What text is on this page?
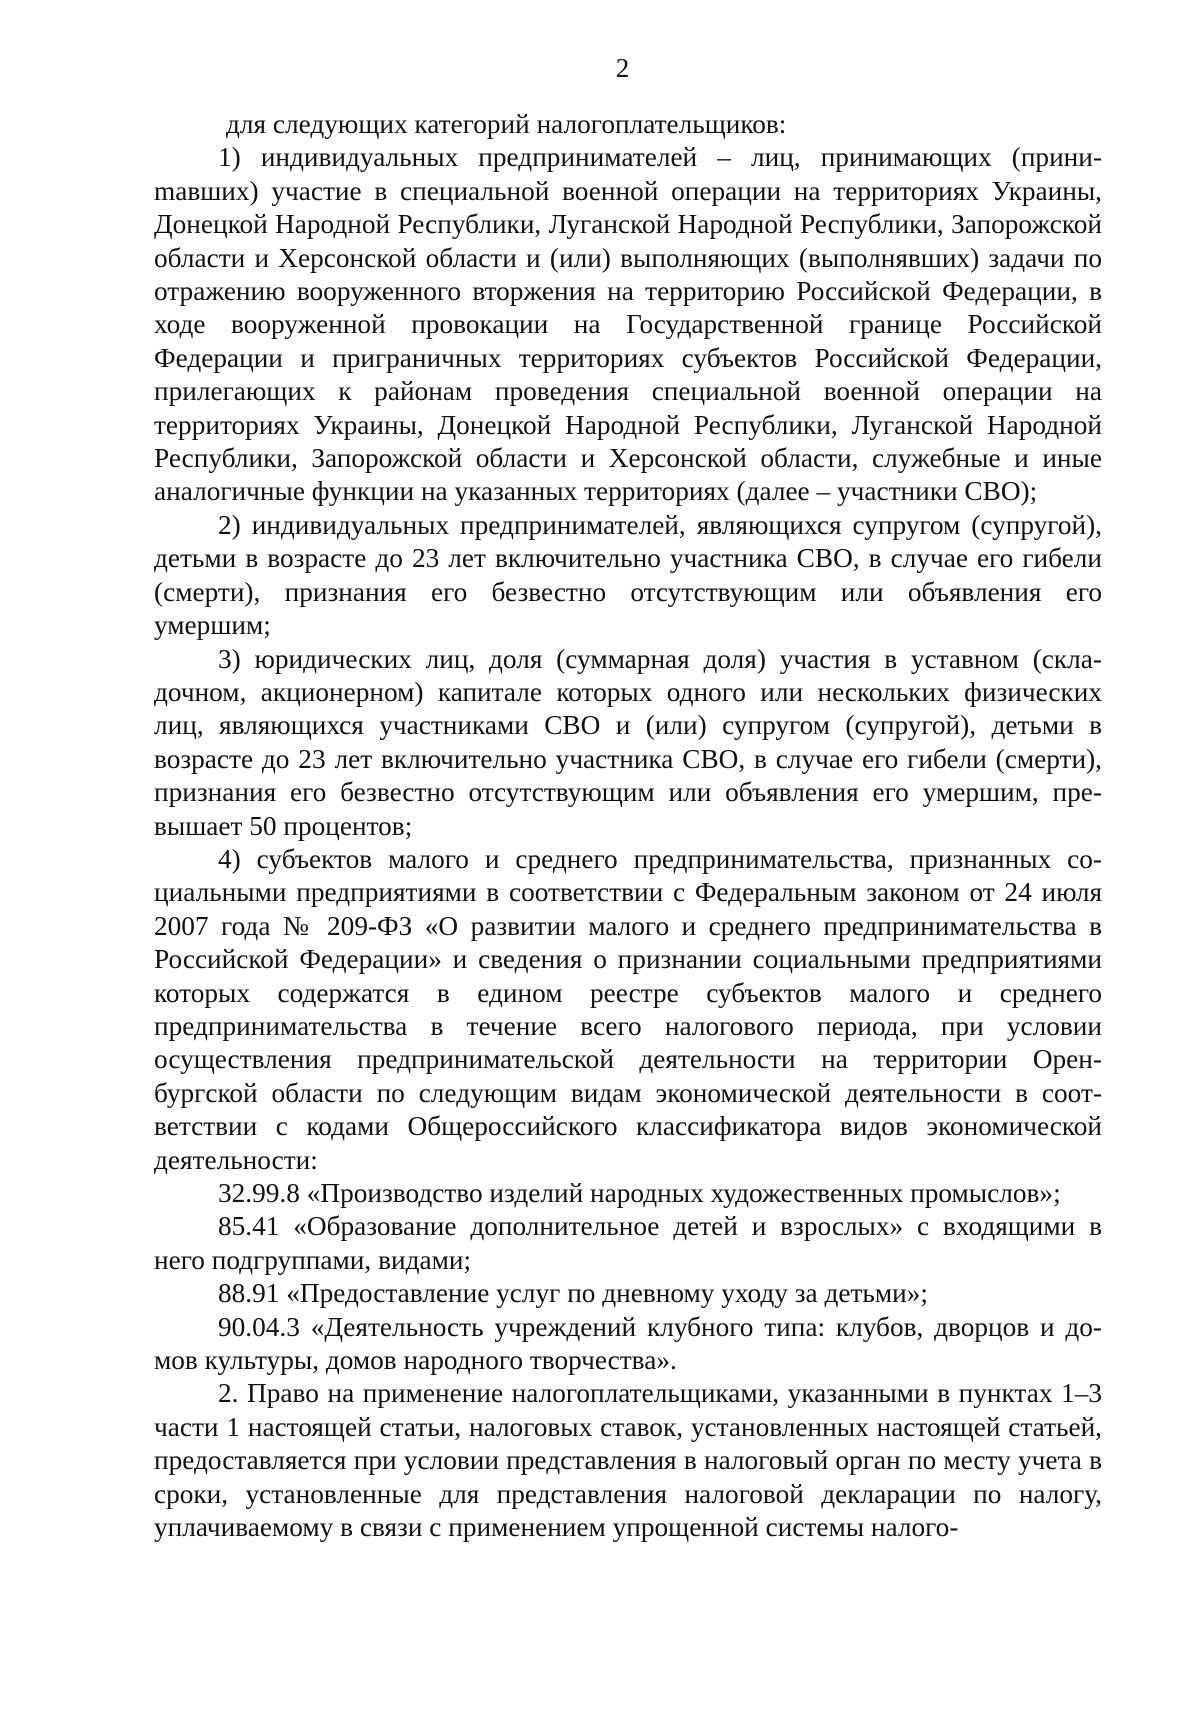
2

для следующих категорий налогоплательщиков:

1) индивидуальных предпринимателей – лиц, принимающих (приниmавших) участие в специальной военной операции на территориях Украины, Донецкой Народной Республики, Луганской Народной Республики, Запорожской области и Херсонской области и (или) выполняющих (выполнявших) задачи по отражению вооруженного вторжения на территорию Российской Федерации, в ходе вооруженной провокации на Государственной границе Российской Федерации и приграничных территориях субъектов Российской Федерации, прилегающих к районам проведения специальной военной операции на территориях Украины, Донецкой Народной Республики, Луганской Народной Республики, Запорожской области и Херсонской области, служебные и иные аналогичные функции на указанных территориях (далее – участники СВО);

2) индивидуальных предпринимателей, являющихся супругом (супругой), детьми в возрасте до 23 лет включительно участника СВО, в случае его гибели (смерти), признания его безвестно отсутствующим или объявления его умершим;

3) юридических лиц, доля (суммарная доля) участия в уставном (складочном, акционерном) капитале которых одного или нескольких физических лиц, являющихся участниками СВО и (или) супругом (супругой), детьми в возрасте до 23 лет включительно участника СВО, в случае его гибели (смерти), признания его безвестно отсутствующим или объявления его умершим, превышает 50 процентов;

4) субъектов малого и среднего предпринимательства, признанных социальными предприятиями в соответствии с Федеральным законом от 24 июля 2007 года № 209-ФЗ «О развитии малого и среднего предпринимательства в Российской Федерации» и сведения о признании социальными предприятиями которых содержатся в едином реестре субъектов малого и среднего предпринимательства в течение всего налогового периода, при условии осуществления предпринимательской деятельности на территории Оренбургской области по следующим видам экономической деятельности в соответствии с кодами Общероссийского классификатора видов экономической деятельности:

32.99.8 «Производство изделий народных художественных промыслов»;

85.41 «Образование дополнительное детей и взрослых» с входящими в него подгруппами, видами;

88.91 «Предоставление услуг по дневному уходу за детьми»;

90.04.3 «Деятельность учреждений клубного типа: клубов, дворцов и домов культуры, домов народного творчества».

2. Право на применение налогоплательщиками, указанными в пунктах 1–3 части 1 настоящей статьи, налоговых ставок, установленных настоящей статьей, предоставляется при условии представления в налоговый орган по месту учета в сроки, установленные для представления налоговой декларации по налогу, уплачиваемому в связи с применением упрощенной системы налого-
